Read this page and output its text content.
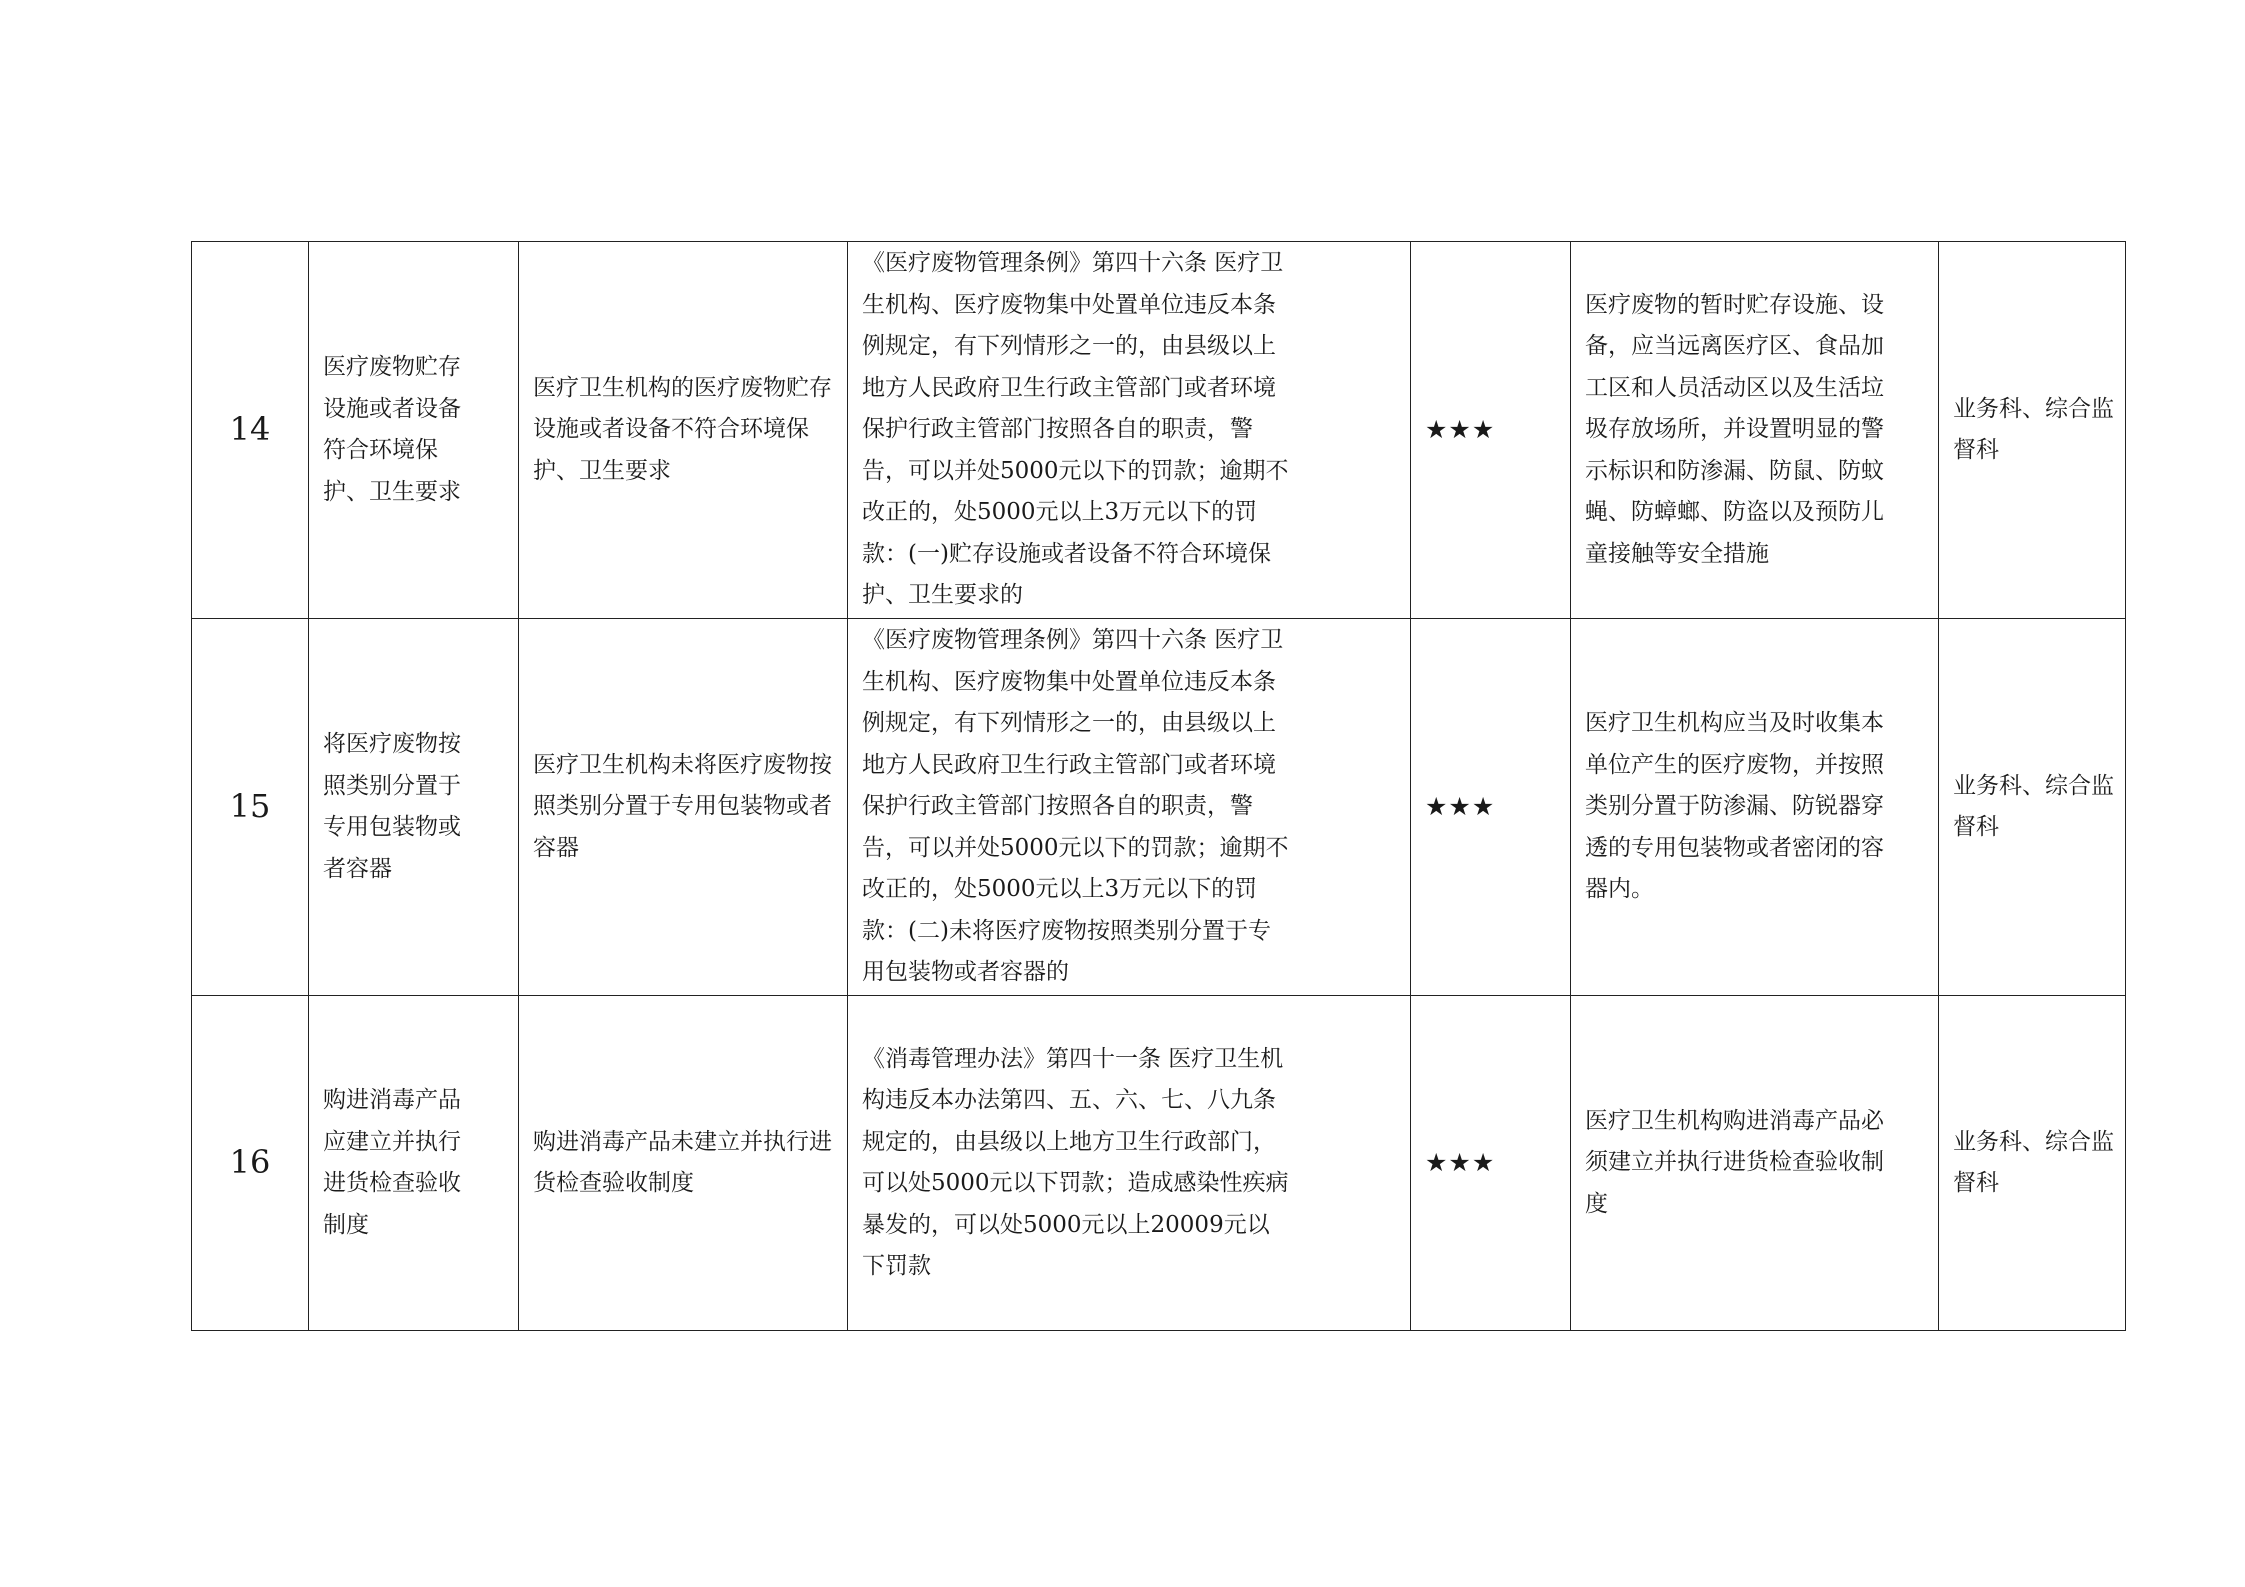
14	医疗废物贮存设施或者设备符合环境保护、卫生要求	医疗卫生机构的医疗废物贮存设施或者设备不符合环境保护、卫生要求	《医疗废物管理条例》第四十六条 医疗卫生机构、医疗废物集中处置单位违反本条例规定，有下列情形之一的，由县级以上地方人民政府卫生行政主管部门或者环境保护行政主管部门按照各自的职责，警告，可以并处5000元以下的罚款；逾期不改正的，处5000元以上3万元以下的罚款：(一)贮存设施或者设备不符合环境保护、卫生要求的	★★★	医疗废物的暂时贮存设施、设备，应当远离医疗区、食品加工区和人员活动区以及生活垃圾存放场所，并设置明显的警示标识和防渗漏、防鼠、防蚊蝇、防蟑螂、防盗以及预防儿童接触等安全措施	业务科、综合监督科

15	将医疗废物按照类别分置于专用包装物或者容器	医疗卫生机构未将医疗废物按照类别分置于专用包装物或者容器	《医疗废物管理条例》第四十六条 医疗卫生机构、医疗废物集中处置单位违反本条例规定，有下列情形之一的，由县级以上地方人民政府卫生行政主管部门或者环境保护行政主管部门按照各自的职责，警告，可以并处5000元以下的罚款；逾期不改正的，处5000元以上3万元以下的罚款：(二)未将医疗废物按照类别分置于专用包装物或者容器的	★★★	医疗卫生机构应当及时收集本单位产生的医疗废物，并按照类别分置于防渗漏、防锐器穿透的专用包装物或者密闭的容器内。	业务科、综合监督科

16	购进消毒产品应建立并执行进货检查验收制度	购进消毒产品未建立并执行进货检查验收制度	《消毒管理办法》第四十一条 医疗卫生机构违反本办法第四、五、六、七、八九条规定的，由县级以上地方卫生行政部门，可以处5000元以下罚款；造成感染性疾病暴发的，可以处5000元以上20009元以下罚款	★★★	医疗卫生机构购进消毒产品必须建立并执行进货检查验收制度	业务科、综合监督科
